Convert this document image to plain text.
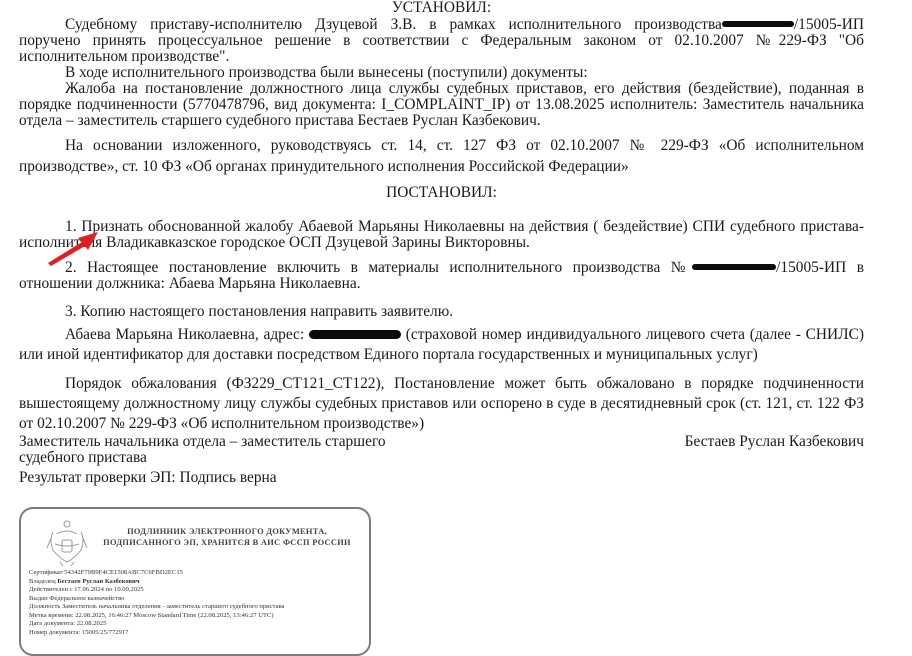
УСТАНОВИЛ:

Судебному приставу-исполнителю Дзуцевой З.В. в рамках исполнительного производства	/15005-ИП поручено принять процессуальное решение в соответствии с Федеральным законом от 02.10.2007 №229-ФЗ "Об исполнительном производстве".

В ходе исполнительного производства были вынесены (поступили) документы:

Жалоба на постановление должностного лица службы судебных приставов, его действия (бездействие), поданная в порядке подчиненности (5770478796, вид документа: I_COMPLAINT_IP) от 13.08.2025 исполнитель: Заместитель начальника отдела – заместитель старшего судебного пристава Бестаев Руслан Казбекович.

На основании изложенного, руководствуясь ст. 14, ст. 127 ФЗ от 02.10.2007 № 229-ФЗ «Об исполнительном производстве», ст. 10 ФЗ «Об органах принудительного исполнения Российской Федерации»

ПОСТАНОВИЛ:

1. Признать обоснованной жалобу Абаевой Марьяны Николаевны на действия ( бездействие) СПИ судебного пристава-исполнителя Владикавказское городское ОСП Дзуцевой Зарины Викторовны.

2. Настоящее постановление включить в материалы исполнительного производства №	/15005-ИП в отношении должника: Абаева Марьяна Николаевна.

3. Копию настоящего постановления направить заявителю.

Абаева Марьяна Николаевна, адрес:	(страховой номер индивидуального лицевого счета (далее - СНИЛС) или иной идентификатор для доставки посредством Единого портала государственных и муниципальных услуг)

Порядок обжалования (ФЗ229_СТ121_СТ122), Постановление может быть обжаловано в порядке подчиненности вышестоящему должностному лицу службы судебных приставов или оспорено в суде в десятидневный срок (ст. 121, ст. 122 ФЗ от 02.10.2007 № 229-ФЗ «Об исполнительном производстве»)

Заместитель начальника отдела – заместитель старшего судебного пристава
Бестаев Руслан Казбекович
Результат проверки ЭП: Подпись верна
ПОДЛИННИК ЭЛЕКТРОННОГО ДОКУМЕНТА,
ПОДПИСАННОГО ЭП, ХРАНИТСЯ В АИС ФССП РОССИИ
Сертификат 54342F79B9F4CE1508ABC7C6FBD2EC15
Владелец Бестаев Руслан Казбекович
Действителен с 17.06.2024 по 10.09.2025
Выдан Федеральное казначейство
Должность Заместитель начальника отделения - заместитель старшего судебного пристава
Метка времени: 22.08.2025, 16:46:27 Moscow Standard Time (22.08.2025, 13:46:27 UTC)
Дата документа: 22.08.2025
Номер документа: 15005/25/772917
